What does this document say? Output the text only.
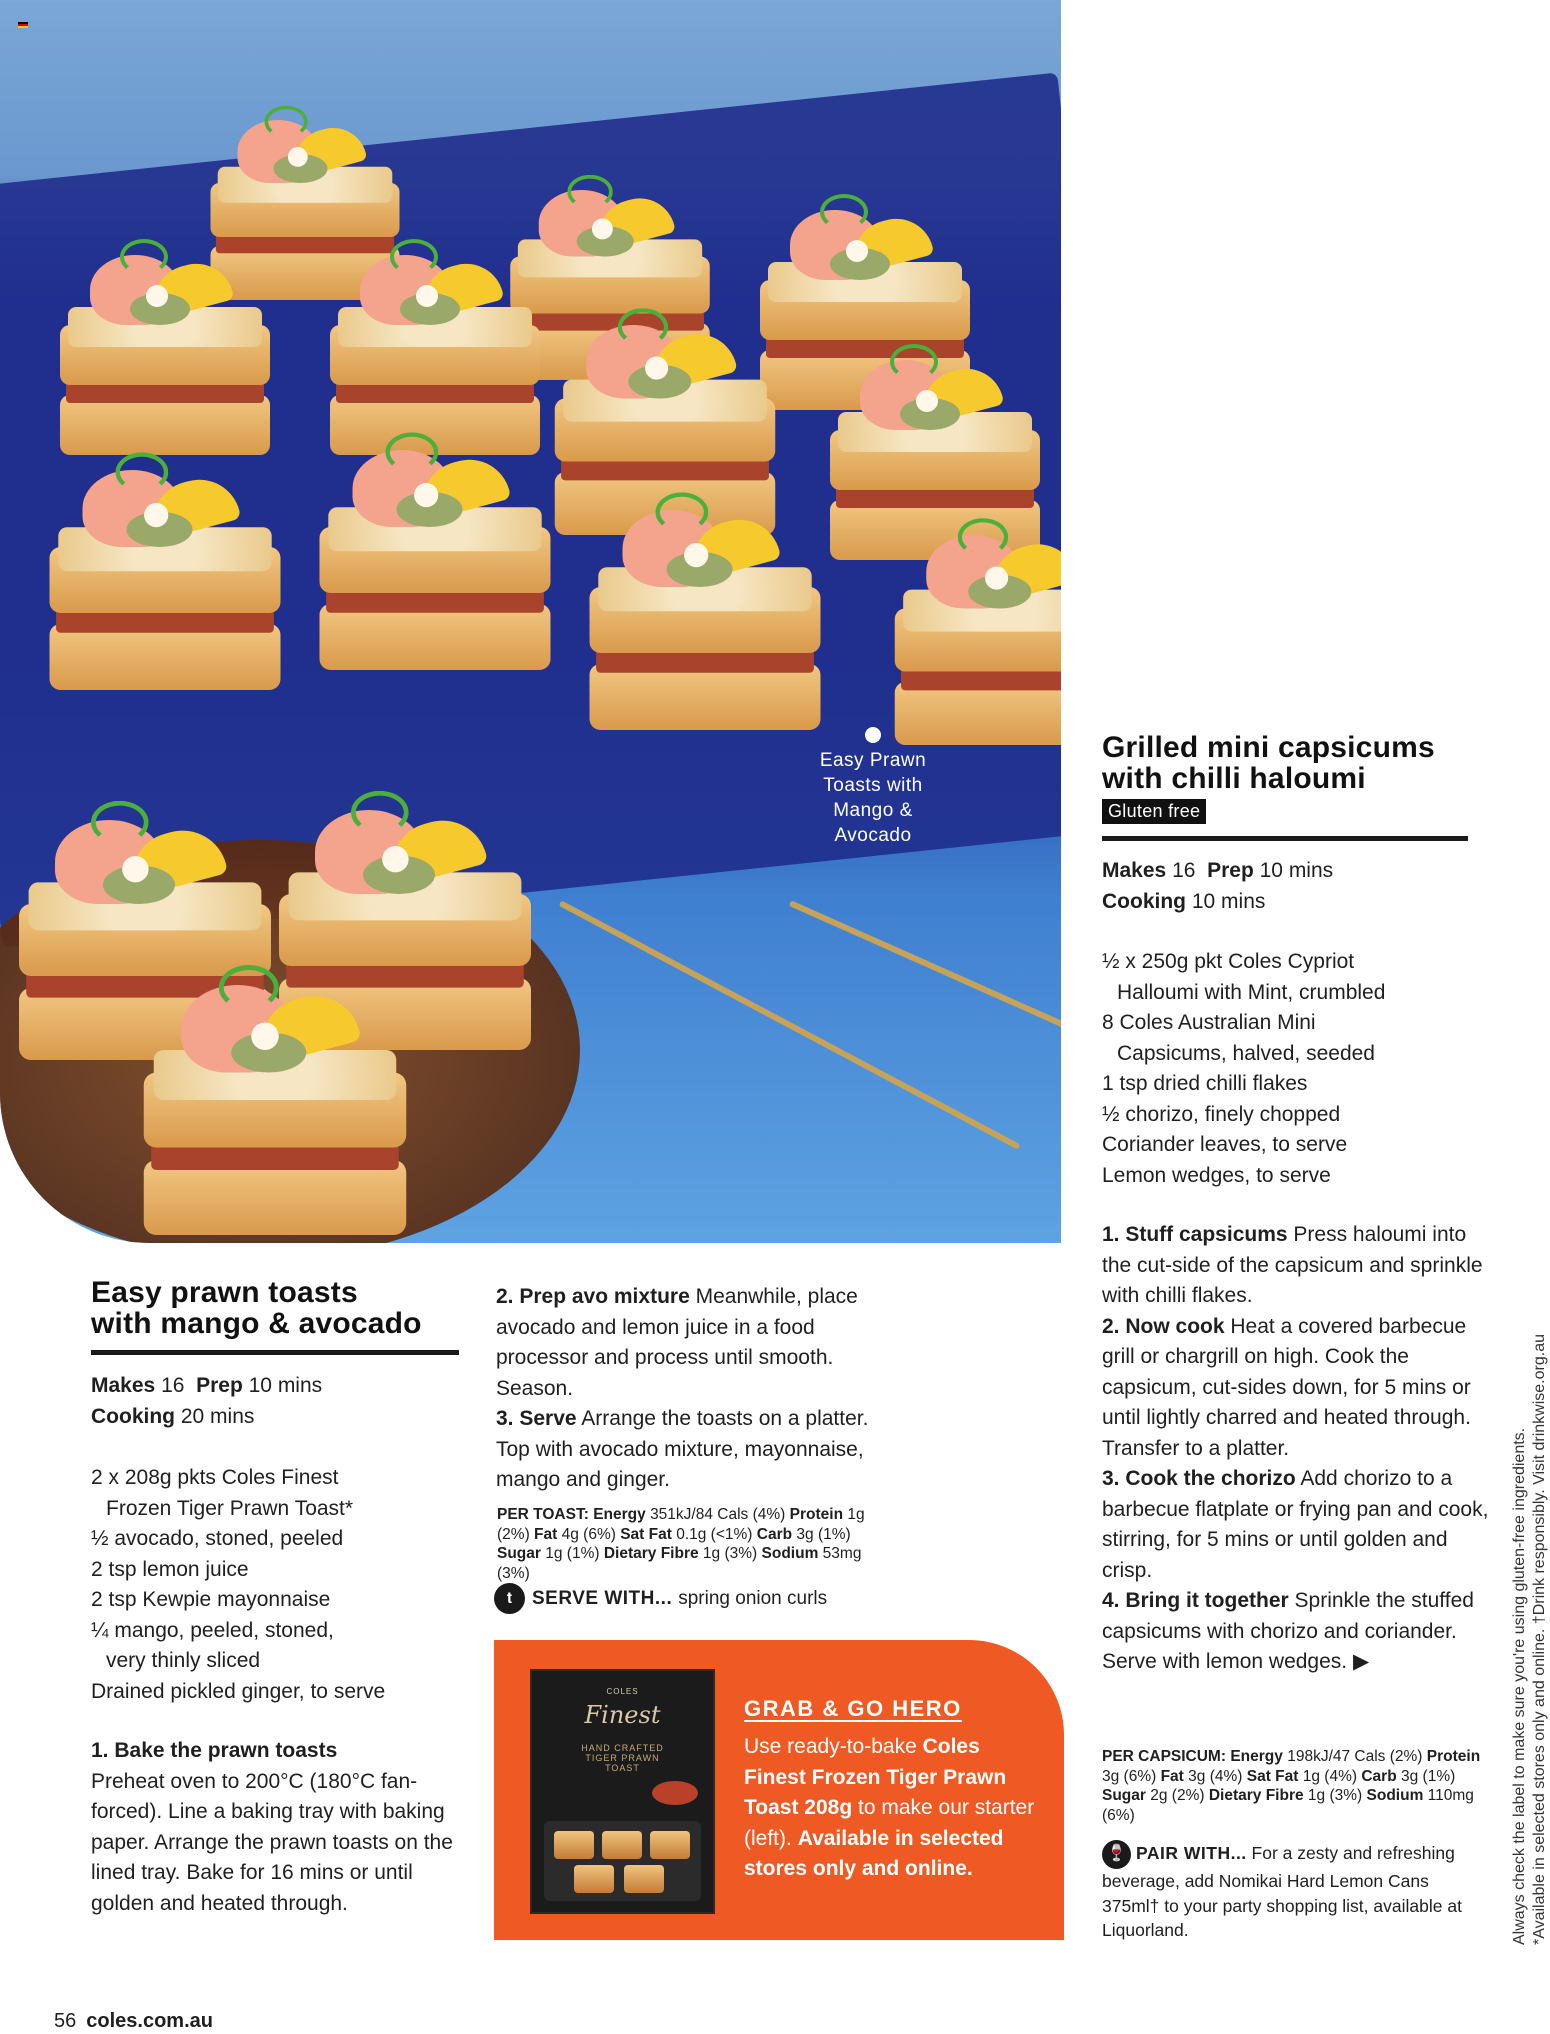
Easy Prawn
Toasts with
Mango &
Avocado
Easy prawn toasts
with mango & avocado
Makes 16 Prep 10 mins
Cooking 20 mins
2 x 208g pkts Coles Finest
Frozen Tiger Prawn Toast*
½ avocado, stoned, peeled
2 tsp lemon juice
2 tsp Kewpie mayonnaise
¼ mango, peeled, stoned,
very thinly sliced
Drained pickled ginger, to serve
1. Bake the prawn toasts
Preheat oven to 200°C (180°C fan-forced). Line a baking tray with baking paper. Arrange the prawn toasts on the lined tray. Bake for 16 mins or until golden and heated through.
2. Prep avo mixture Meanwhile, place avocado and lemon juice in a food processor and process until smooth. Season.
3. Serve Arrange the toasts on a platter. Top with avocado mixture, mayonnaise, mango and ginger.
PER TOAST: Energy 351kJ/84 Cals (4%) Protein 1g (2%) Fat 4g (6%) Sat Fat 0.1g (<1%) Carb 3g (1%) Sugar 1g (1%) Dietary Fibre 1g (3%) Sodium 53mg (3%)
𝐭	SERVE WITH... spring onion curls
COLES
Finest
HAND CRAFTED
TIGER PRAWN
TOAST
GRAB & GO HERO
Use ready-to-bake Coles Finest Frozen Tiger Prawn Toast 208g to make our starter (left). Available in selected stores only and online.
Grilled mini capsicums
with chilli haloumi
Gluten free
Makes 16 Prep 10 mins
Cooking 10 mins
½ x 250g pkt Coles Cypriot
Halloumi with Mint, crumbled
8 Coles Australian Mini
Capsicums, halved, seeded
1 tsp dried chilli flakes
½ chorizo, finely chopped
Coriander leaves, to serve
Lemon wedges, to serve
1. Stuff capsicums Press haloumi into the cut-side of the capsicum and sprinkle with chilli flakes.
2. Now cook Heat a covered barbecue grill or chargrill on high. Cook the capsicum, cut-sides down, for 5 mins or until lightly charred and heated through. Transfer to a platter.
3. Cook the chorizo Add chorizo to a barbecue flatplate or frying pan and cook, stirring, for 5 mins or until golden and crisp.
4. Bring it together Sprinkle the stuffed capsicums with chorizo and coriander. Serve with lemon wedges. ▶
PER CAPSICUM: Energy 198kJ/47 Cals (2%) Protein 3g (6%) Fat 3g (4%) Sat Fat 1g (4%) Carb 3g (1%) Sugar 2g (2%) Dietary Fibre 1g (3%) Sodium 110mg (6%)
🍷 PAIR WITH... For a zesty and refreshing beverage, add Nomikai Hard Lemon Cans 375ml† to your party shopping list, available at Liquorland.	Always check the label to make sure you're using gluten-free ingredients. *Available in selected stores only and online. †Drink responsibly. Visit drinkwise.org.au
56 coles.com.au
